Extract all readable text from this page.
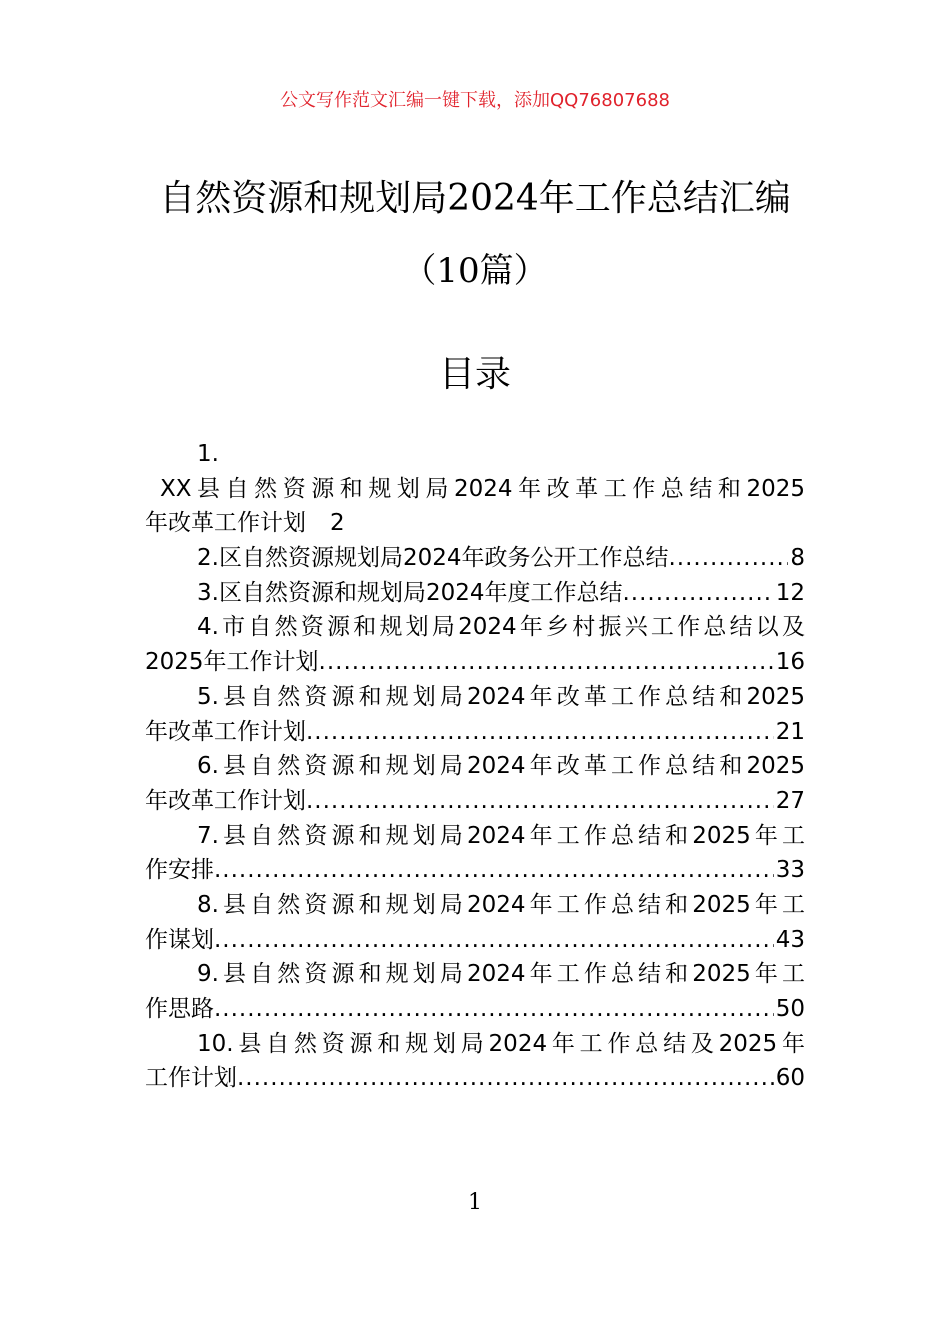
公文写作范文汇编一键下载，添加QQ76807688
自然资源和规划局2024年工作总结汇编
（10篇）
目录
1.
XX县自然资源和规划局2024年改革工作总结和2025
年改革工作计划 2
2.区自然资源规划局2024年政务公开工作总结 .....	8
3.区自然资源和规划局2024年度工作总结 .....	12
4.市自然资源和规划局2024年乡村振兴工作总结以及
2025年工作计划 .....	16
5.县自然资源和规划局2024年改革工作总结和2025
年改革工作计划 .....	21
6.县自然资源和规划局2024年改革工作总结和2025
年改革工作计划 .....	27
7.县自然资源和规划局2024年工作总结和2025年工
作安排 .....	33
8.县自然资源和规划局2024年工作总结和2025年工
作谋划 .....	43
9.县自然资源和规划局2024年工作总结和2025年工
作思路 .....	50
10.县自然资源和规划局2024年工作总结及2025年
工作计划 .....	60
1
